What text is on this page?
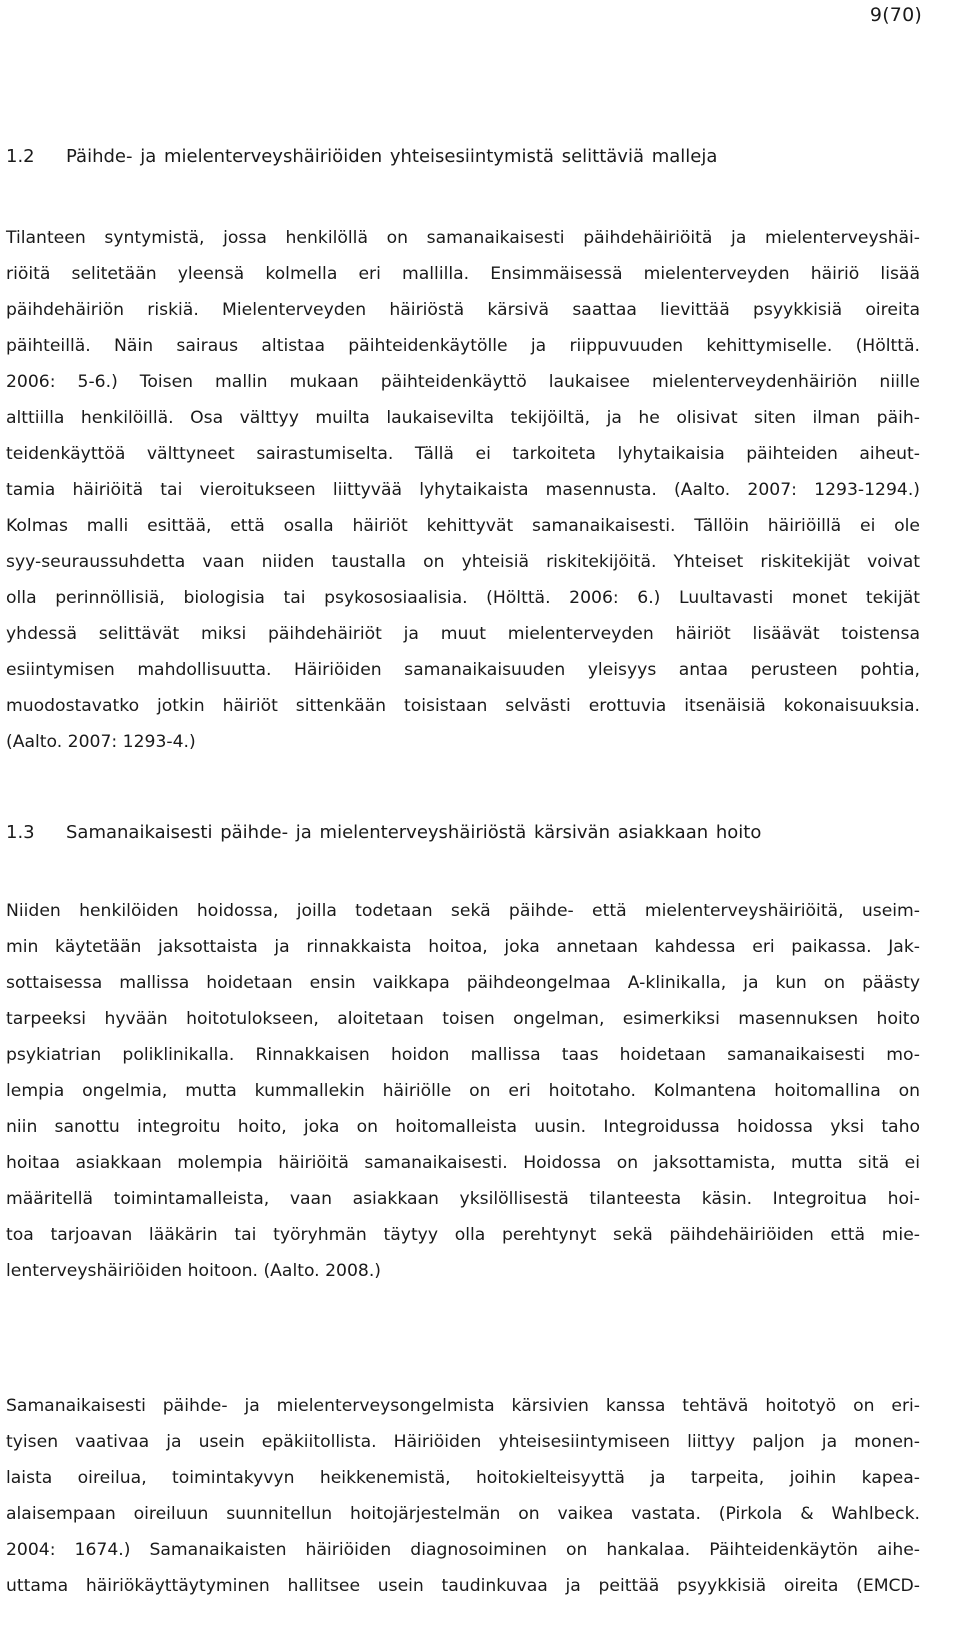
9(70)
1.2 Päihde- ja mielenterveyshäiriöiden yhteisesiintymistä selittäviä malleja
Tilanteen syntymistä, jossa henkilöllä on samanaikaisesti päihdehäiriöitä ja mielenterveyshäi-
riöitä selitetään yleensä kolmella eri mallilla. Ensimmäisessä mielenterveyden häiriö lisää
päihdehäiriön riskiä. Mielenterveyden häiriöstä kärsivä saattaa lievittää psyykkisiä oireita
päihteillä. Näin sairaus altistaa päihteidenkäytölle ja riippuvuuden kehittymiselle. (Hölttä.
2006: 5-6.) Toisen mallin mukaan päihteidenkäyttö laukaisee mielenterveydenhäiriön niille
alttiilla henkilöillä. Osa välttyy muilta laukaisevilta tekijöiltä, ja he olisivat siten ilman päih-
teidenkäyttöä välttyneet sairastumiselta. Tällä ei tarkoiteta lyhytaikaisia päihteiden aiheut-
tamia häiriöitä tai vieroitukseen liittyvää lyhytaikaista masennusta. (Aalto. 2007: 1293-1294.)
Kolmas malli esittää, että osalla häiriöt kehittyvät samanaikaisesti. Tällöin häiriöillä ei ole
syy-seuraussuhdetta vaan niiden taustalla on yhteisiä riskitekijöitä. Yhteiset riskitekijät voivat
olla perinnöllisiä, biologisia tai psykososiaalisia. (Hölttä. 2006: 6.) Luultavasti monet tekijät
yhdessä selittävät miksi päihdehäiriöt ja muut mielenterveyden häiriöt lisäävät toistensa
esiintymisen mahdollisuutta. Häiriöiden samanaikaisuuden yleisyys antaa perusteen pohtia,
muodostavatko jotkin häiriöt sittenkään toisistaan selvästi erottuvia itsenäisiä kokonaisuuksia.
(Aalto. 2007: 1293-4.)
1.3 Samanaikaisesti päihde- ja mielenterveyshäiriöstä kärsivän asiakkaan hoito
Niiden henkilöiden hoidossa, joilla todetaan sekä päihde- että mielenterveyshäiriöitä, useim-
min käytetään jaksottaista ja rinnakkaista hoitoa, joka annetaan kahdessa eri paikassa. Jak-
sottaisessa mallissa hoidetaan ensin vaikkapa päihdeongelmaa A-klinikalla, ja kun on päästy
tarpeeksi hyvään hoitotulokseen, aloitetaan toisen ongelman, esimerkiksi masennuksen hoito
psykiatrian poliklinikalla. Rinnakkaisen hoidon mallissa taas hoidetaan samanaikaisesti mo-
lempia ongelmia, mutta kummallekin häiriölle on eri hoitotaho. Kolmantena hoitomallina on
niin sanottu integroitu hoito, joka on hoitomalleista uusin. Integroidussa hoidossa yksi taho
hoitaa asiakkaan molempia häiriöitä samanaikaisesti. Hoidossa on jaksottamista, mutta sitä ei
määritellä toimintamalleista, vaan asiakkaan yksilöllisestä tilanteesta käsin. Integroitua hoi-
toa tarjoavan lääkärin tai työryhmän täytyy olla perehtynyt sekä päihdehäiriöiden että mie-
lenterveyshäiriöiden hoitoon. (Aalto. 2008.)
Samanaikaisesti päihde- ja mielenterveysongelmista kärsivien kanssa tehtävä hoitotyö on eri-
tyisen vaativaa ja usein epäkiitollista. Häiriöiden yhteisesiintymiseen liittyy paljon ja monen-
laista oireilua, toimintakyvyn heikkenemistä, hoitokielteisyyttä ja tarpeita, joihin kapea-
alaisempaan oireiluun suunnitellun hoitojärjestelmän on vaikea vastata. (Pirkola & Wahlbeck.
2004: 1674.) Samanaikaisten häiriöiden diagnosoiminen on hankalaa. Päihteidenkäytön aihe-
uttama häiriökäyttäytyminen hallitsee usein taudinkuvaa ja peittää psyykkisiä oireita (EMCD-
